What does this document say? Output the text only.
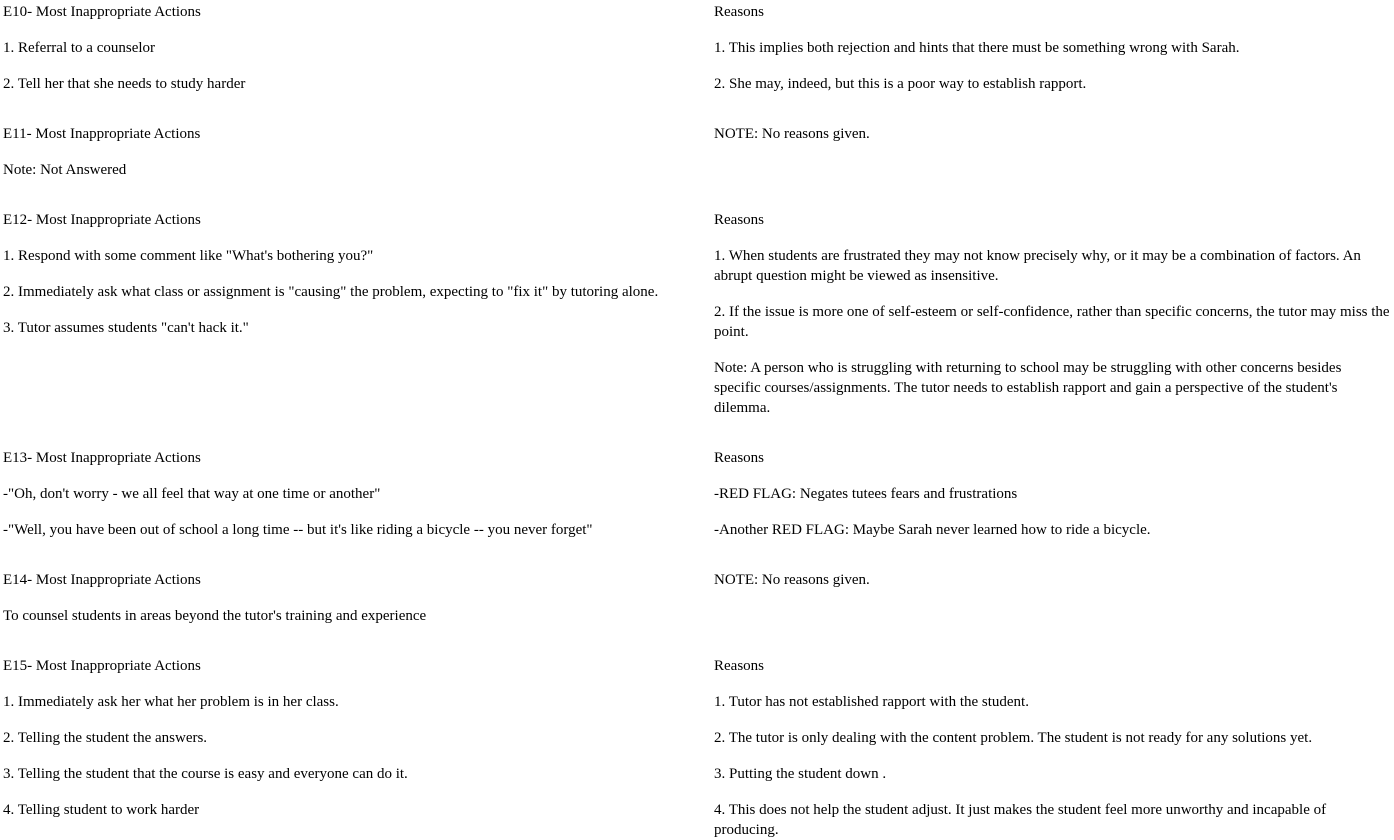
E10- Most Inappropriate Actions

1. Referral to a counselor

2. Tell her that she needs to study harder

Reasons

1. This implies both rejection and hints that there must be something wrong with Sarah.

2. She may, indeed, but this is a poor way to establish rapport.

E11- Most Inappropriate Actions

Note: Not Answered

NOTE: No reasons given.

E12- Most Inappropriate Actions

1. Respond with some comment like "What's bothering you?"

2. Immediately ask what class or assignment is "causing" the problem, expecting to "fix it" by tutoring alone.

3. Tutor assumes students "can't hack it."

Reasons

1. When students are frustrated they may not know precisely why, or it may be a combination of factors. An abrupt question might be viewed as insensitive.

2. If the issue is more one of self-esteem or self-confidence, rather than specific concerns, the tutor may miss the point.

Note: A person who is struggling with returning to school may be struggling with other concerns besides specific courses/assignments. The tutor needs to establish rapport and gain a perspective of the student's dilemma.

E13- Most Inappropriate Actions

-"Oh, don't worry - we all feel that way at one time or another"

-"Well, you have been out of school a long time -- but it's like riding a bicycle -- you never forget"

Reasons

-RED FLAG: Negates tutees fears and frustrations

-Another RED FLAG: Maybe Sarah never learned how to ride a bicycle.

E14- Most Inappropriate Actions

To counsel students in areas beyond the tutor's training and experience

NOTE: No reasons given.

E15- Most Inappropriate Actions

1. Immediately ask her what her problem is in her class.

2. Telling the student the answers.

3. Telling the student that the course is easy and everyone can do it.

4. Telling student to work harder

Reasons

1. Tutor has not established rapport with the student.

2. The tutor is only dealing with the content problem. The student is not ready for any solutions yet.

3. Putting the student down .

4. This does not help the student adjust. It just makes the student feel more unworthy and incapable of producing.
